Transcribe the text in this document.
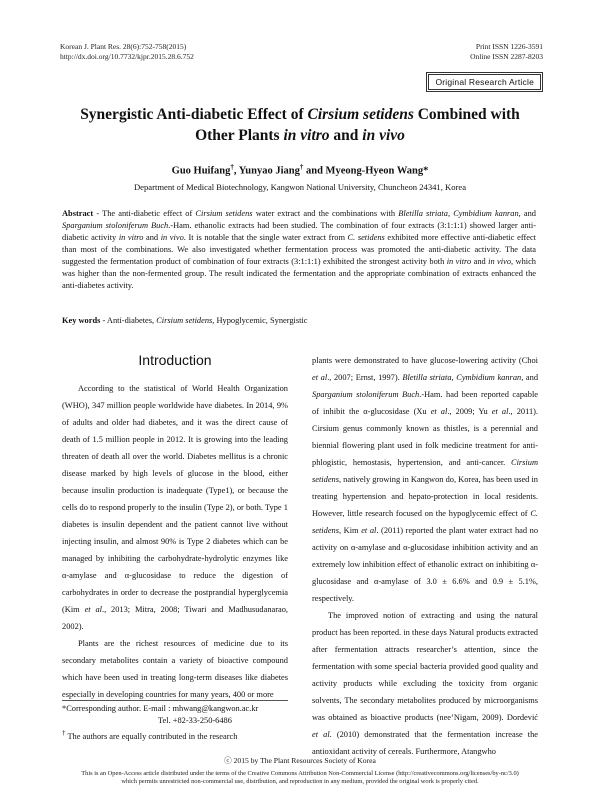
Korean J. Plant Res. 28(6):752-758(2015)
http://dx.doi.org/10.7732/kjpr.2015.28.6.752
Print ISSN 1226-3591
Online ISSN 2287-8203
Original Research Article
Synergistic Anti-diabetic Effect of Cirsium setidens Combined with
Other Plants in vitro and in vivo
Guo Huifang†, Yunyao Jiang† and Myeong-Hyeon Wang*
Department of Medical Biotechnology, Kangwon National University, Chuncheon 24341, Korea
Abstract - The anti-diabetic effect of Cirsium setidens water extract and the combinations with Bletilla striata, Cymbidium kanran, and Sparganium stoloniferum Buch.-Ham. ethanolic extracts had been studied. The combination of four extracts (3:1:1:1) showed larger anti-diabetic activity in vitro and in vivo. It is notable that the single water extract from C. setidens exhibited more effective anti-diabetic effect than most of the combinations. We also investigated whether fermentation process was promoted the anti-diabetic activity. The data suggested the fermentation product of combination of four extracts (3:1:1:1) exhibited the strongest activity both in vitro and in vivo, which was higher than the non-fermented group. The result indicated the fermentation and the appropriate combination of extracts enhanced the anti-diabetes activity.
Key words - Anti-diabetes, Cirsium setidens, Hypoglycemic, Synergistic
Introduction

According to the statistical of World Health Organization (WHO), 347 million people worldwide have diabetes. In 2014, 9% of adults and older had diabetes, and it was the direct cause of death of 1.5 million people in 2012. It is growing into the leading threaten of death all over the world. Diabetes mellitus is a chronic disease marked by high levels of glucose in the blood, either because insulin production is inadequate (Type1), or because the cells do to respond properly to the insulin (Type 2), or both. Type 1 diabetes is insulin dependent and the patient cannot live without injecting insulin, and almost 90% is Type 2 diabetes which can be managed by inhibiting the carbohydrate-hydrolytic enzymes like α-amylase and α-glucosidase to reduce the digestion of carbohydrates in order to decrease the postprandial hyperglycemia (Kim et al., 2013; Mitra, 2008; Tiwari and Madhusudanarao, 2002).

Plants are the richest resources of medicine due to its secondary metabolites contain a variety of bioactive compound which have been used in treating long-term diseases like diabetes especially in developing countries for many years, 400 or more

*Corresponding author. E-mail : mhwang@kangwon.ac.kr
Tel. +82-33-250-6486
† The authors are equally contributed in the research

plants were demonstrated to have glucose-lowering activity (Choi et al., 2007; Ernst, 1997). Bletilla striata, Cymbidium kanran, and Sparganium stoloniferum Buch.-Ham. had been reported capable of inhibit the α-glucosidase (Xu et al., 2009; Yu et al., 2011). Cirsium genus commonly known as thistles, is a perennial and biennial flowering plant used in folk medicine treatment for anti-phlogistic, hemostasis, hypertension, and anti-cancer. Cirsium setidens, natively growing in Kangwon do, Korea, has been used in treating hypertension and hepato-protection in local residents. However, little research focused on the hypoglycemic effect of C. setidens, Kim et al. (2011) reported the plant water extract had no activity on α-amylase and α-glucosidase inhibition activity and an extremely low inhibition effect of ethanolic extract on inhibiting α-glucosidase and α-amylase of 3.0 ± 6.6% and 0.9 ± 5.1%, respectively.

The improved notion of extracting and using the natural product has been reported. in these days Natural products extracted after fermentation attracts researcher’s attention, since the fermentation with some special bacteria provided good quality and activity products while excluding the toxicity from organic solvents, The secondary metabolites produced by microorganisms was obtained as bioactive products (nee’Nigam, 2009). Dordević et al. (2010) demonstrated that the fermentation increase the antioxidant activity of cereals. Furthermore, Atangwho

ⓒ 2015 by The Plant Resources Society of Korea
This is an Open-Access article distributed under the terms of the Creative Commons Attribution Non-Commercial License (http://creativecommons.org/licenses/by-nc/3.0)
which permits unrestricted non-commercial use, distribution, and reproduction in any medium, provided the original work is properly cited.
